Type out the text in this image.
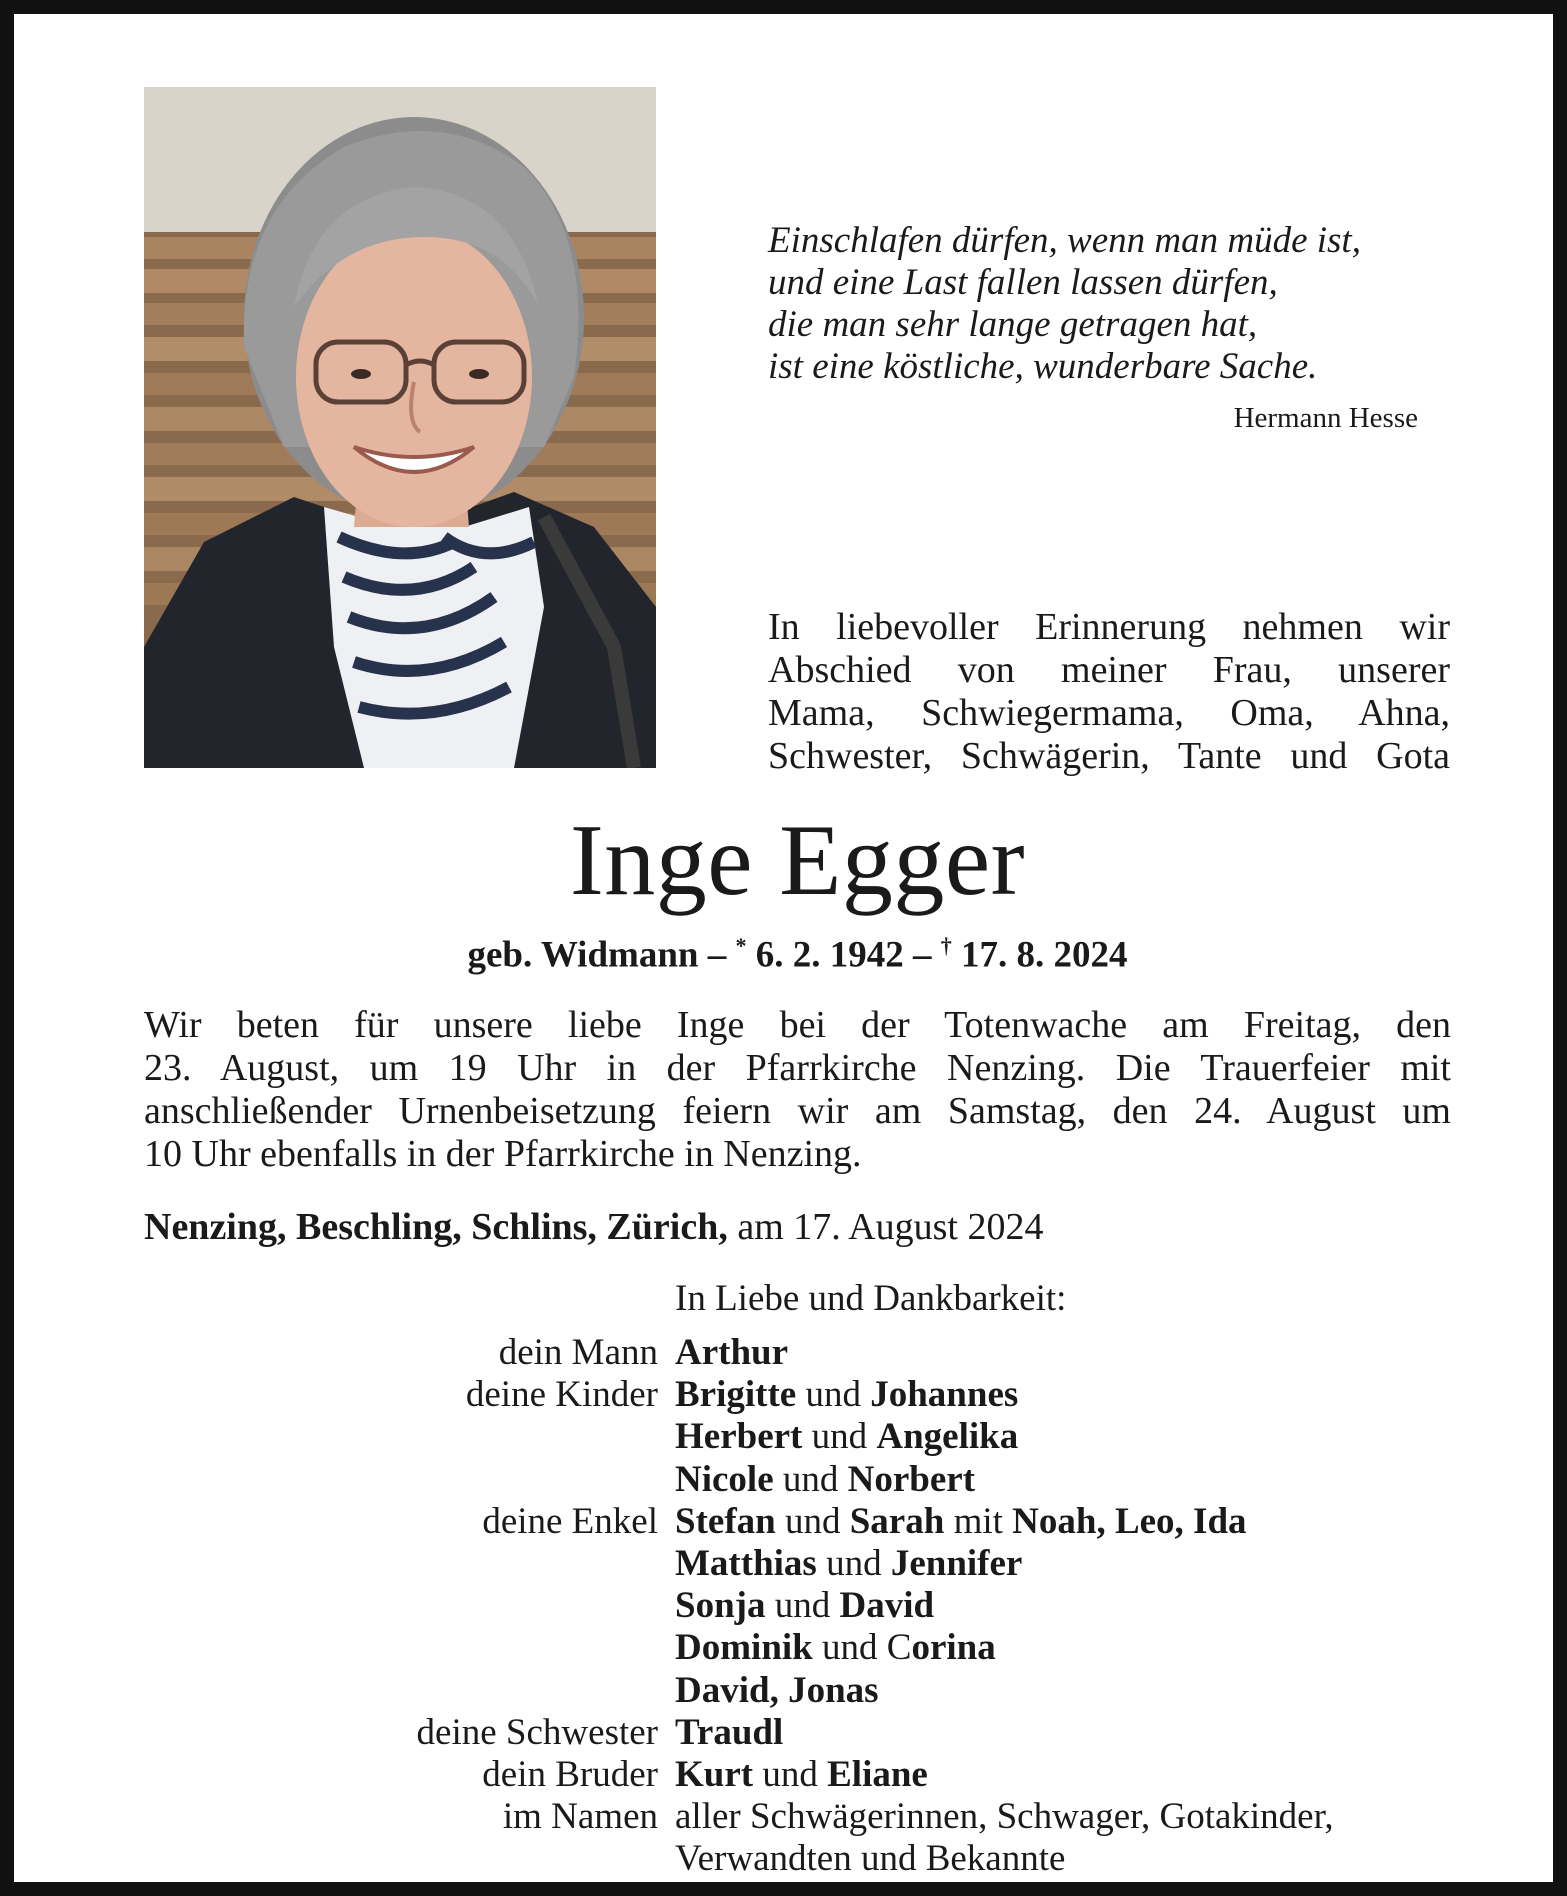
Einschlafen dürfen, wenn man müde ist,
und eine Last fallen lassen dürfen,
die man sehr lange getragen hat,
ist eine köstliche, wunderbare Sache.
Hermann Hesse
In liebevoller Erinnerung nehmen wir
Abschied von meiner Frau, unserer
Mama, Schwiegermama, Oma, Ahna,
Schwester, Schwägerin, Tante und Gota
Inge Egger
geb. Widmann – * 6. 2. 1942 – † 17. 8. 2024
Wir beten für unsere liebe Inge bei der Totenwache am Freitag, den
23. August, um 19 Uhr in der Pfarrkirche Nenzing. Die Trauerfeier mit
anschließender Urnenbeisetzung feiern wir am Samstag, den 24. August um
10 Uhr ebenfalls in der Pfarrkirche in Nenzing.
Nenzing, Beschling, Schlins, Zürich, am 17. August 2024
In Liebe und Dankbarkeit:
dein Mann Arthur
deine Kinder Brigitte und Johannes
Herbert und Angelika
Nicole und Norbert
deine Enkel Stefan und Sarah mit Noah, Leo, Ida
Matthias und Jennifer
Sonja und David
Dominik und Corina
David, Jonas
deine Schwester Traudl
dein Bruder Kurt und Eliane
im Namen aller Schwägerinnen, Schwager, Gotakinder,
Verwandten und Bekannte
